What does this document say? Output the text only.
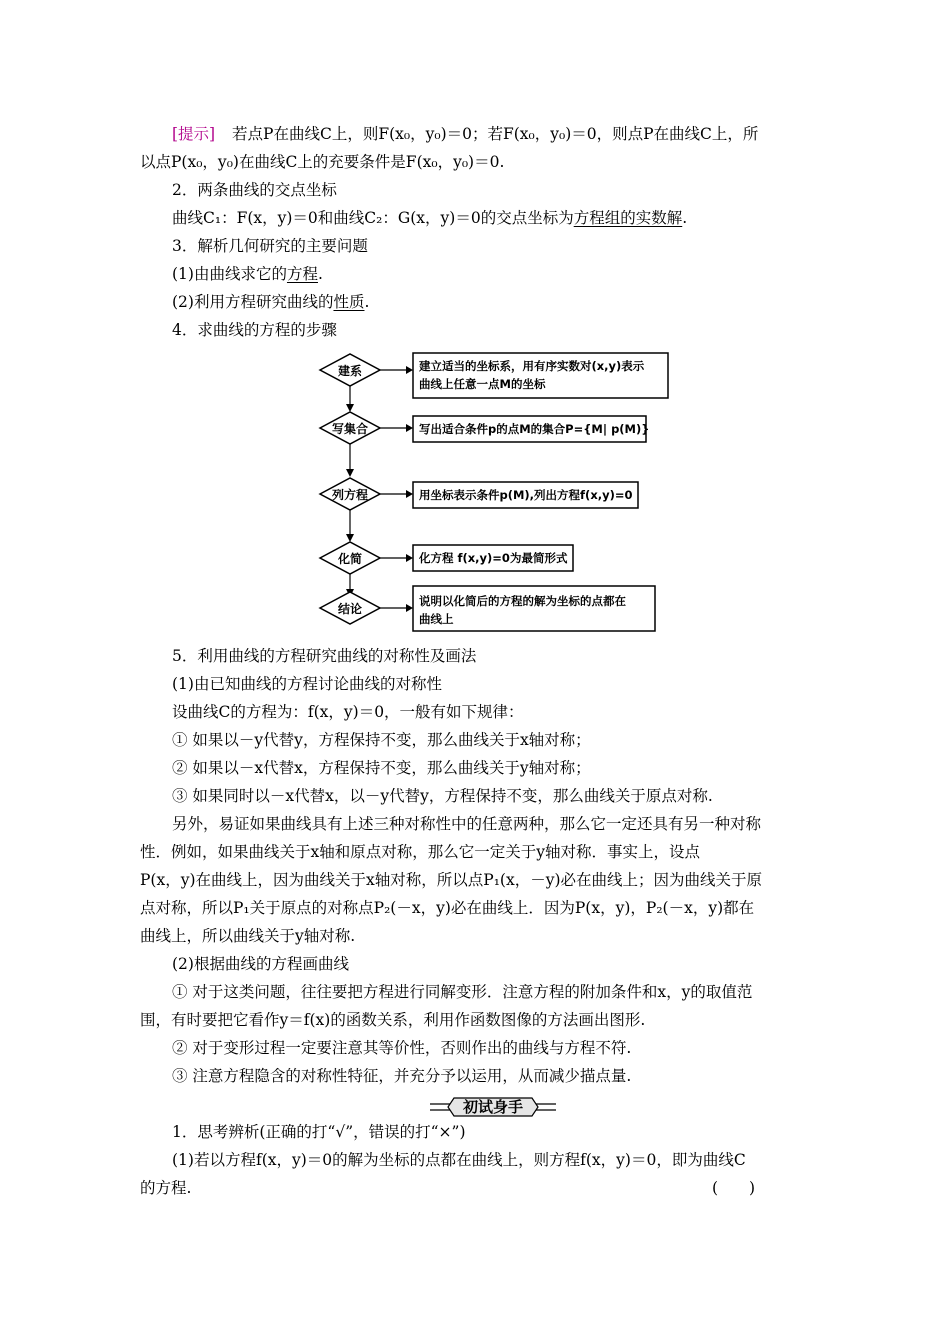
[提示] 若点P在曲线C上，则F(x₀，y₀)＝0；若F(x₀，y₀)＝0，则点P在曲线C上，所
以点P(x₀，y₀)在曲线C上的充要条件是F(x₀，y₀)＝0.
2．两条曲线的交点坐标
曲线C₁：F(x，y)＝0和曲线C₂：G(x，y)＝0的交点坐标为方程组的实数解.
3．解析几何研究的主要问题
(1)由曲线求它的方程.
(2)利用方程研究曲线的性质.
4．求曲线的方程的步骤
建系	建立适当的坐标系，用有序实数对(x,y)表示
曲线上任意一点M的坐标
写集合	写出适合条件p的点M的集合P={M| p(M)}
列方程	用坐标表示条件p(M),列出方程f(x,y)=0
化简	化方程 f(x,y)=0为最简形式
结论
说明以化简后的方程的解为坐标的点都在
曲线上
5．利用曲线的方程研究曲线的对称性及画法
(1)由已知曲线的方程讨论曲线的对称性
设曲线C的方程为：f(x，y)＝0，一般有如下规律：
① 如果以－y代替y，方程保持不变，那么曲线关于x轴对称；
② 如果以－x代替x，方程保持不变，那么曲线关于y轴对称；
③ 如果同时以－x代替x，以－y代替y，方程保持不变，那么曲线关于原点对称.
另外，易证如果曲线具有上述三种对称性中的任意两种，那么它一定还具有另一种对称
性．例如，如果曲线关于x轴和原点对称，那么它一定关于y轴对称．事实上，设点
P(x，y)在曲线上，因为曲线关于x轴对称，所以点P₁(x，－y)必在曲线上；因为曲线关于原
点对称，所以P₁关于原点的对称点P₂(－x，y)必在曲线上．因为P(x，y)，P₂(－x，y)都在
曲线上，所以曲线关于y轴对称.
(2)根据曲线的方程画曲线
① 对于这类问题，往往要把方程进行同解变形．注意方程的附加条件和x，y的取值范
围，有时要把它看作y＝f(x)的函数关系，利用作函数图像的方法画出图形.
② 对于变形过程一定要注意其等价性，否则作出的曲线与方程不符.
③ 注意方程隐含的对称性特征，并充分予以运用，从而减少描点量.
初试身手
1．思考辨析(正确的打“√”，错误的打“×”)
(1)若以方程f(x，y)＝0的解为坐标的点都在曲线上，则方程f(x，y)＝0，即为曲线C
的方程.	(　　)
